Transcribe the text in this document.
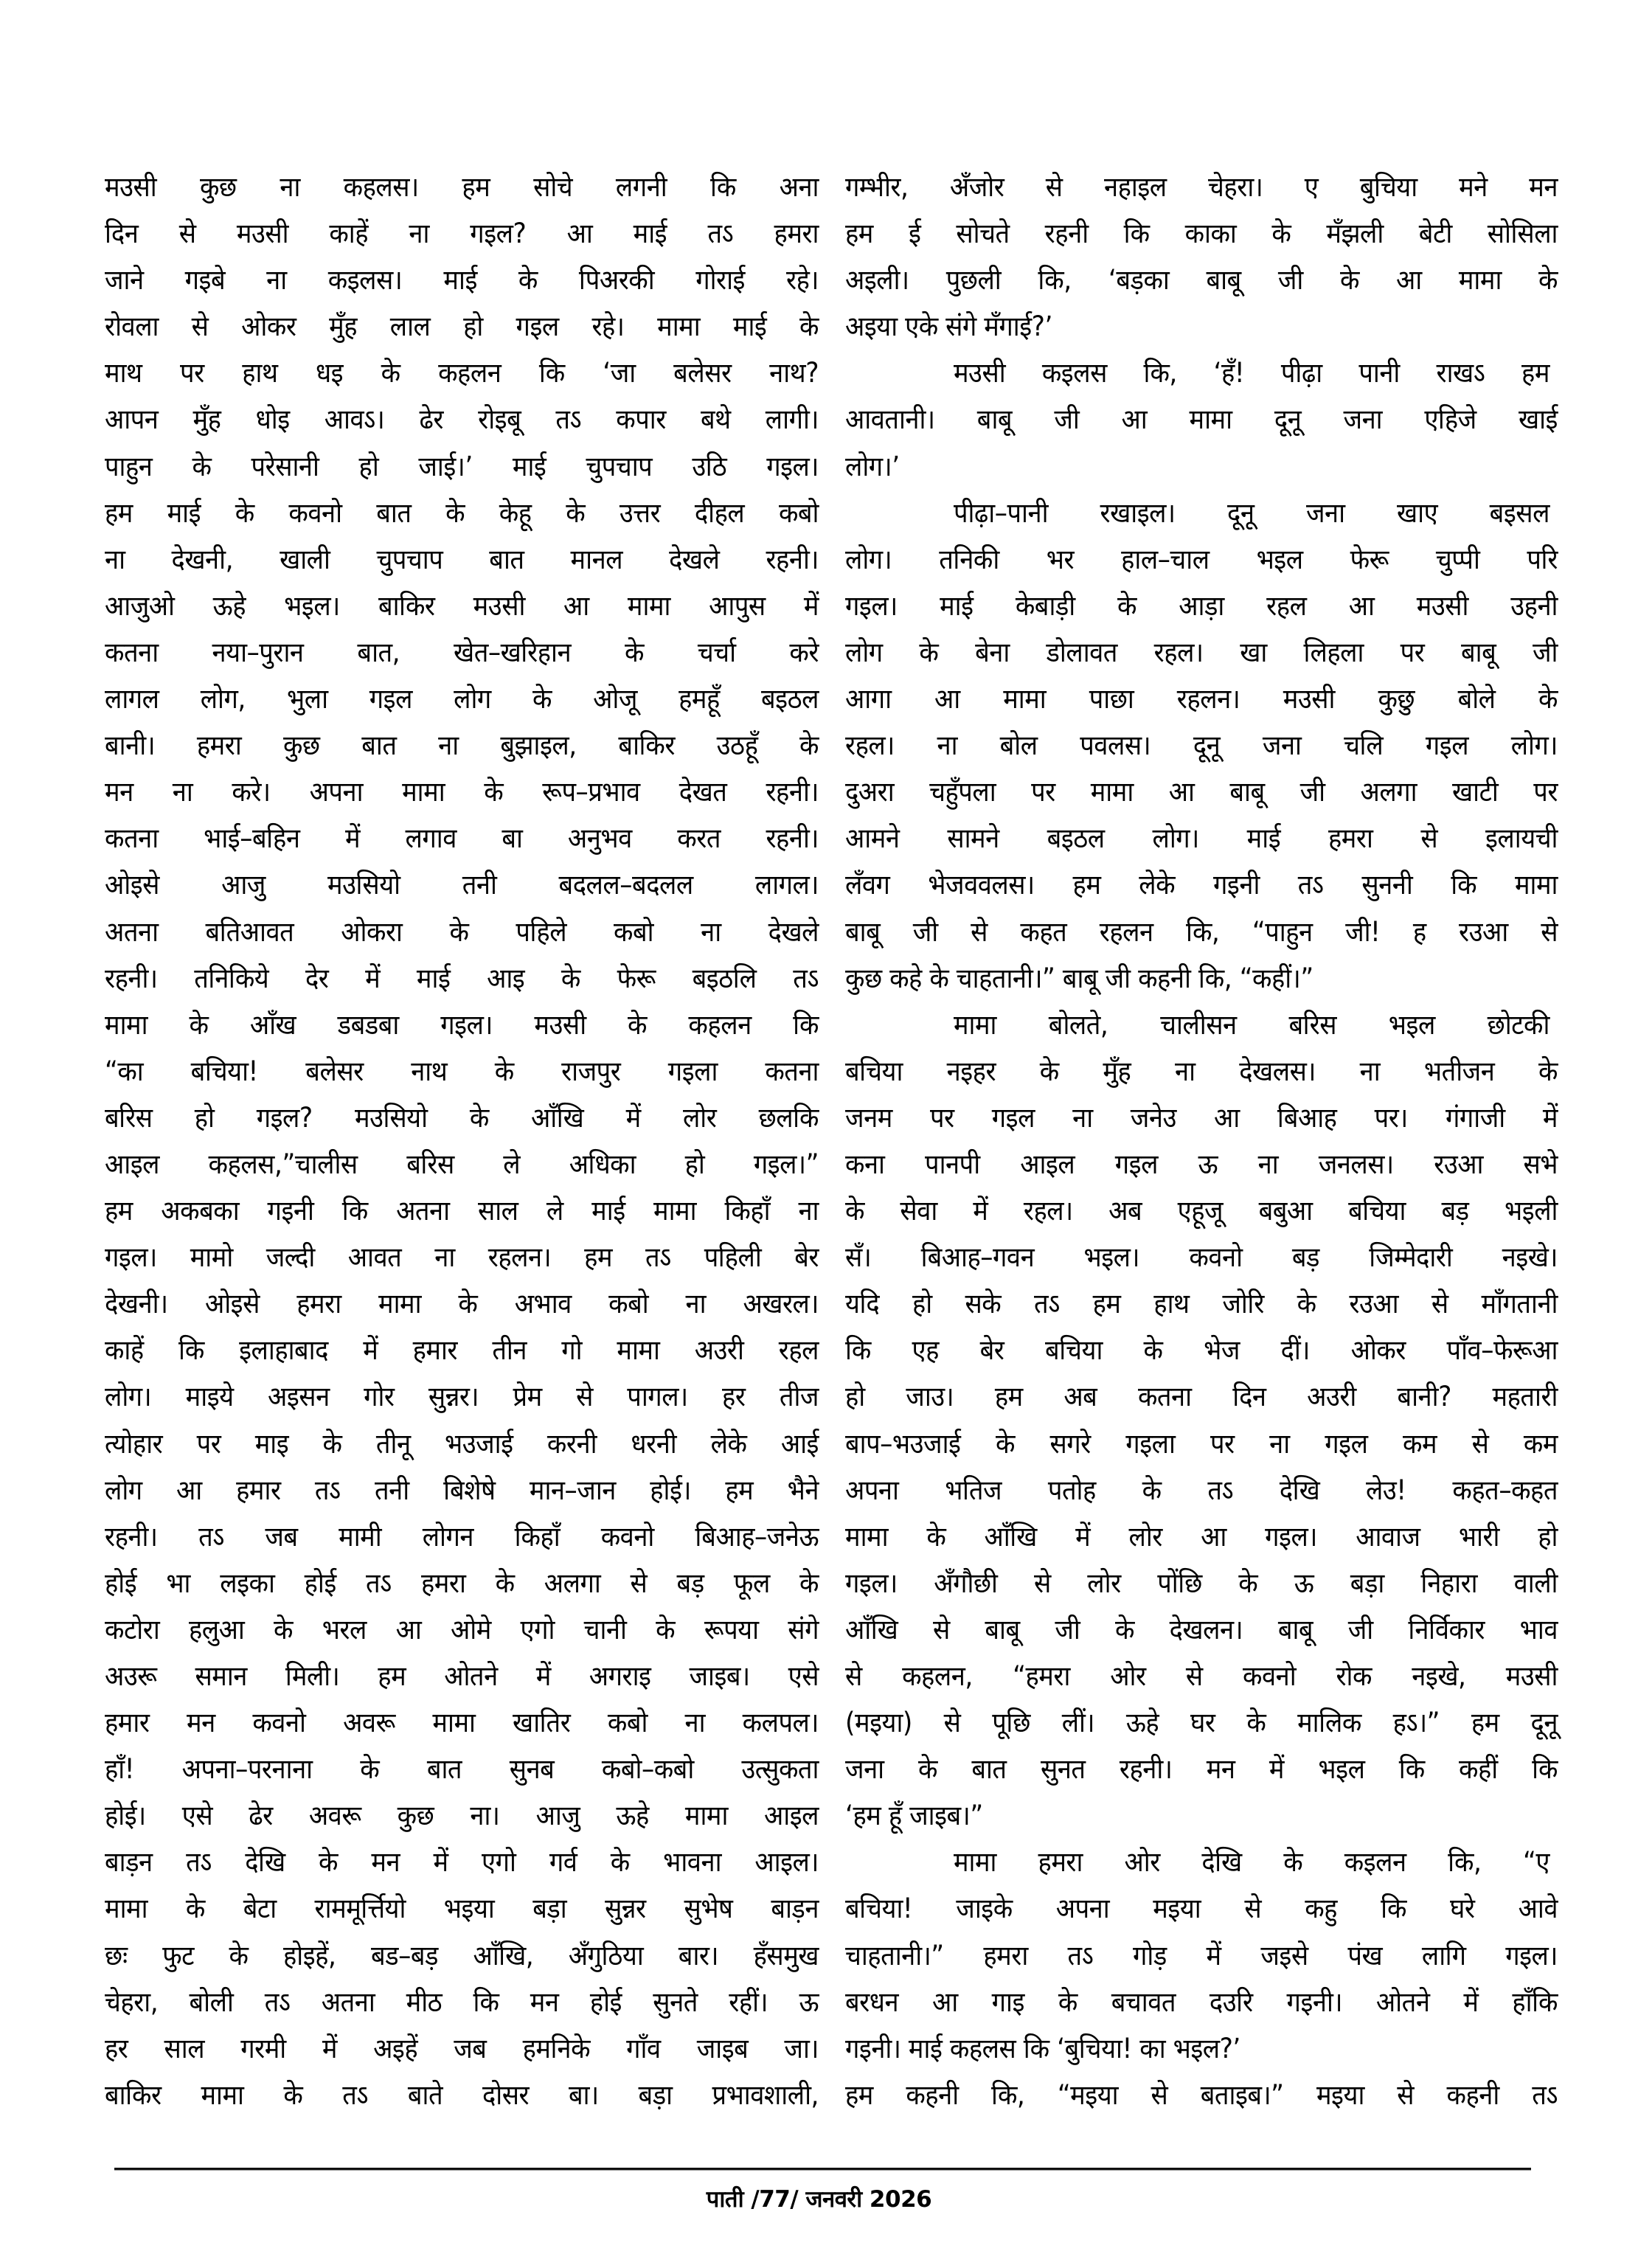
मउसी कुछ ना कहलस। हम सोचे लगनी कि अना
दिन से मउसी काहें ना गइल? आ माई तऽ हमरा
जाने गइबे ना कइलस। माई के पिअरकी गोराई रहे।
रोवला से ओकर मुँह लाल हो गइल रहे। मामा माई के
माथ पर हाथ धइ के कहलन कि ‘जा बलेसर नाथ?
आपन मुँह धोइ आवऽ। ढेर रोइबू तऽ कपार बथे लागी।
पाहुन के परेसानी हो जाई।’ माई चुपचाप उठि गइल।
हम माई के कवनो बात के केहू के उत्तर दीहल कबो
ना देखनी, खाली चुपचाप बात मानल देखले रहनी।
आजुओ ऊहे भइल। बाकिर मउसी आ मामा आपुस में
कतना नया–पुरान बात, खेत–खरिहान के चर्चा करे
लागल लोग, भुला गइल लोग के ओजू हमहूँ बइठल
बानी। हमरा कुछ बात ना बुझाइल, बाकिर उठहूँ के
मन ना करे। अपना मामा के रूप–प्रभाव देखत रहनी।
कतना भाई–बहिन में लगाव बा अनुभव करत रहनी।
ओइसे आजु मउसियो तनी बदलल–बदलल लागल।
अतना बतिआवत ओकरा के पहिले कबो ना देखले
रहनी। तनिकिये देर में माई आइ के फेरू बइठलि तऽ
मामा के आँख डबडबा गइल। मउसी के कहलन कि
“का बचिया! बलेसर नाथ के राजपुर गइला कतना
बरिस हो गइल? मउसियो के आँखि में लोर छलकि
आइल कहलस,”चालीस बरिस ले अधिका हो गइल।”
हम अकबका गइनी कि अतना साल ले माई मामा किहाँ ना
गइल। मामो जल्दी आवत ना रहलन। हम तऽ पहिली बेर
देखनी। ओइसे हमरा मामा के अभाव कबो ना अखरल।
काहें कि इलाहाबाद में हमार तीन गो मामा अउरी रहल
लोग। माइये अइसन गोर सुन्नर। प्रेम से पागल। हर तीज
त्योहार पर माइ के तीनू भउजाई करनी धरनी लेके आई
लोग आ हमार तऽ तनी बिशेषे मान–जान होई। हम भैने
रहनी। तऽ जब मामी लोगन किहाँ कवनो बिआह–जनेऊ
होई भा लइका होई तऽ हमरा के अलगा से बड़ फूल के
कटोरा हलुआ के भरल आ ओमे एगो चानी के रूपया संगे
अउरू समान मिली। हम ओतने में अगराइ जाइब। एसे
हमार मन कवनो अवरू मामा खातिर कबो ना कलपल।
हाँ! अपना–परनाना के बात सुनब कबो–कबो उत्सुकता
होई। एसे ढेर अवरू कुछ ना। आजु ऊहे मामा आइल
बाड़न तऽ देखि के मन में एगो गर्व के भावना आइल।
मामा के बेटा राममूर्त्तियो भइया बड़ा सुन्नर सुभेष बाड़न
छः फुट के होइहें, बड–बड़ आँखि, अँगुठिया बार। हँसमुख
चेहरा, बोली तऽ अतना मीठ कि मन होई सुनते रहीं। ऊ
हर साल गरमी में अइहें जब हमनिके गाँव जाइब जा।
बाकिर मामा के तऽ बाते दोसर बा। बड़ा प्रभावशाली,
गम्भीर, अँजोर से नहाइल चेहरा। ए बुचिया मने मन
हम ई सोचते रहनी कि काका के मँझली बेटी सोसिला
अइली। पुछली कि, ‘बड़का बाबू जी के आ मामा के
अइया एके संगे मँगाई?’
मउसी कइलस कि, ‘हँ! पीढ़ा पानी राखऽ हम
आवतानी। बाबू जी आ मामा दूनू जना एहिजे खाई
लोग।’
पीढ़ा–पानी रखाइल। दूनू जना खाए बइसल
लोग। तनिकी भर हाल–चाल भइल फेरू चुप्पी परि
गइल। माई केबाड़ी के आड़ा रहल आ मउसी उहनी
लोग के बेना डोलावत रहल। खा लिहला पर बाबू जी
आगा आ मामा पाछा रहलन। मउसी कुछु बोले के
रहल। ना बोल पवलस। दूनू जना चलि गइल लोग।
दुअरा चहुँपला पर मामा आ बाबू जी अलगा खाटी पर
आमने सामने बइठल लोग। माई हमरा से इलायची
लँवग भेजववलस। हम लेके गइनी तऽ सुननी कि मामा
बाबू जी से कहत रहलन कि, “पाहुन जी! ह रउआ से
कुछ कहे के चाहतानी।” बाबू जी कहनी कि, “कहीं।”
मामा बोलते, चालीसन बरिस भइल छोटकी
बचिया नइहर के मुँह ना देखलस। ना भतीजन के
जनम पर गइल ना जनेउ आ बिआह पर। गंगाजी में
कना पानपी आइल गइल ऊ ना जनलस। रउआ सभे
के सेवा में रहल। अब एहूजू बबुआ बचिया बड़ भइली
सँ। बिआह–गवन भइल। कवनो बड़ जिम्मेदारी नइखे।
यदि हो सके तऽ हम हाथ जोरि के रउआ से माँगतानी
कि एह बेर बचिया के भेज दीं। ओकर पाँव–फेरूआ
हो जाउ। हम अब कतना दिन अउरी बानी? महतारी
बाप–भउजाई के सगरे गइला पर ना गइल कम से कम
अपना भतिज पतोह के तऽ देखि लेउ! कहत–कहत
मामा के आँखि में लोर आ गइल। आवाज भारी हो
गइल। अँगौछी से लोर पोंछि के ऊ बड़ा निहारा वाली
आँखि से बाबू जी के देखलन। बाबू जी निर्विकार भाव
से कहलन, “हमरा ओर से कवनो रोक नइखे, मउसी
(मइया) से पूछि लीं। ऊहे घर के मालिक हऽ।” हम दूनू
जना के बात सुनत रहनी। मन में भइल कि कहीं कि
‘हम हूँ जाइब।”
मामा हमरा ओर देखि के कइलन कि, “ए
बचिया! जाइके अपना मइया से कहु कि घरे आवे
चाहतानी।” हमरा तऽ गोड़ में जइसे पंख लागि गइल।
बरधन आ गाइ के बचावत दउरि गइनी। ओतने में हाँकि
गइनी। माई कहलस कि ‘बुचिया! का भइल?’
हम कहनी कि, “मइया से बताइब।” मइया से कहनी तऽ
पाती /77/ जनवरी 2026
